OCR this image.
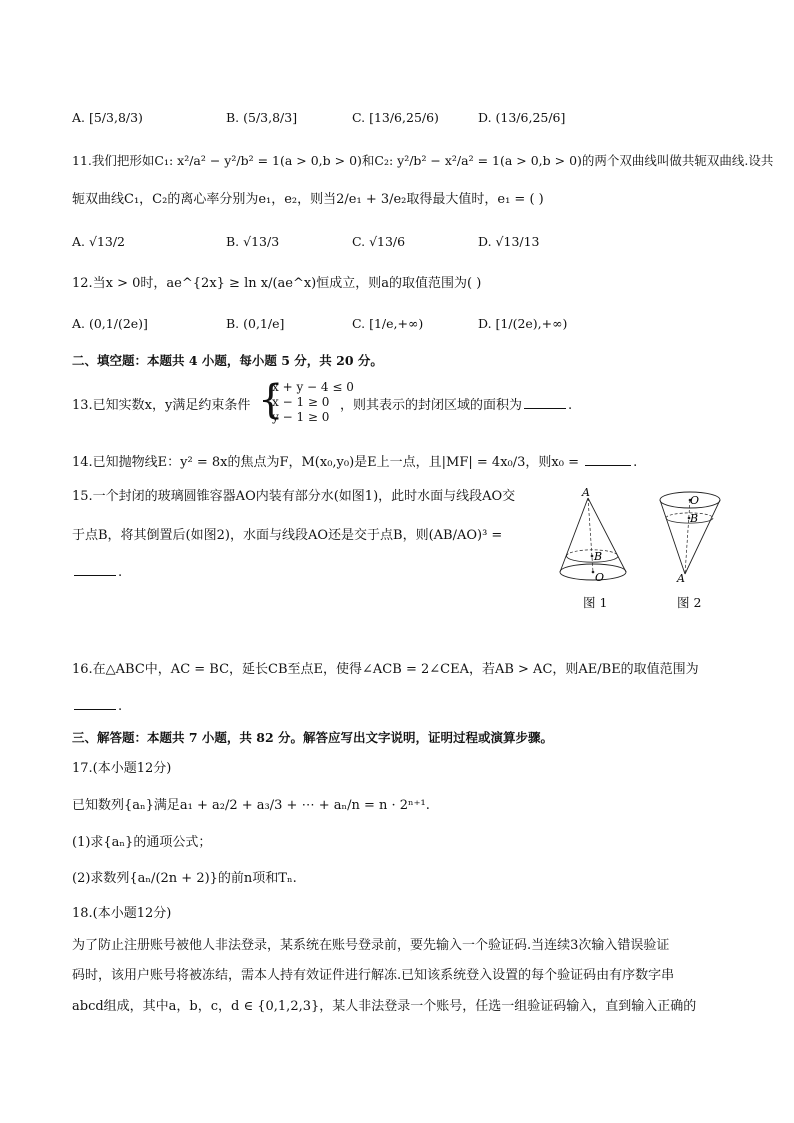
A. [5/3,8/3)	B. (5/3,8/3]	C. [13/6,25/6)	D. (13/6,25/6]
11.我们把形如C₁: x²/a² − y²/b² = 1(a > 0,b > 0)和C₂: y²/b² − x²/a² = 1(a > 0,b > 0)的两个双曲线叫做共轭双曲线.设共
轭双曲线C₁，C₂的离心率分别为e₁，e₂，则当2/e₁ + 3/e₂取得最大值时，e₁ = ( )
A. √13/2	B. √13/3	C. √13/6	D. √13/13
12.当x > 0时，ae^{2x} ≥ ln x/(ae^x)恒成立，则a的取值范围为( )
A. (0,1/(2e)]	B. (0,1/e]	C. [1/e,+∞)	D. [1/(2e),+∞)
二、填空题：本题共 4 小题，每小题 5 分，共 20 分。
13.已知实数x，y满足约束条件 {
x + y − 4 ≤ 0
x − 1 ≥ 0
y − 1 ≥ 0
，则其表示的封闭区域的面积为	.
14.已知抛物线E：y² = 8x的焦点为F，M(x₀,y₀)是E上一点，且|MF| = 4x₀/3，则x₀ =	.
15.一个封闭的玻璃圆锥容器AO内装有部分水(如图1)，此时水面与线段AO交
于点B，将其倒置后(如图2)，水面与线段AO还是交于点B，则(AB/AO)³ =
.
A
B
O
图 1
O
B
A
图 2
16.在△ABC中，AC = BC，延长CB至点E，使得∠ACB = 2∠CEA，若AB > AC，则AE/BE的取值范围为
.
三、解答题：本题共 7 小题，共 82 分。解答应写出文字说明，证明过程或演算步骤。
17.(本小题12分)
已知数列{aₙ}满足a₁ + a₂/2 + a₃/3 + ⋯ + aₙ/n = n · 2ⁿ⁺¹.
(1)求{aₙ}的通项公式；
(2)求数列{aₙ/(2n + 2)}的前n项和Tₙ.
18.(本小题12分)
为了防止注册账号被他人非法登录，某系统在账号登录前，要先输入一个验证码.当连续3次输入错误验证
码时，该用户账号将被冻结，需本人持有效证件进行解冻.已知该系统登入设置的每个验证码由有序数字串
abcd组成，其中a，b，c，d ∈ {0,1,2,3}，某人非法登录一个账号，任选一组验证码输入，直到输入正确的
